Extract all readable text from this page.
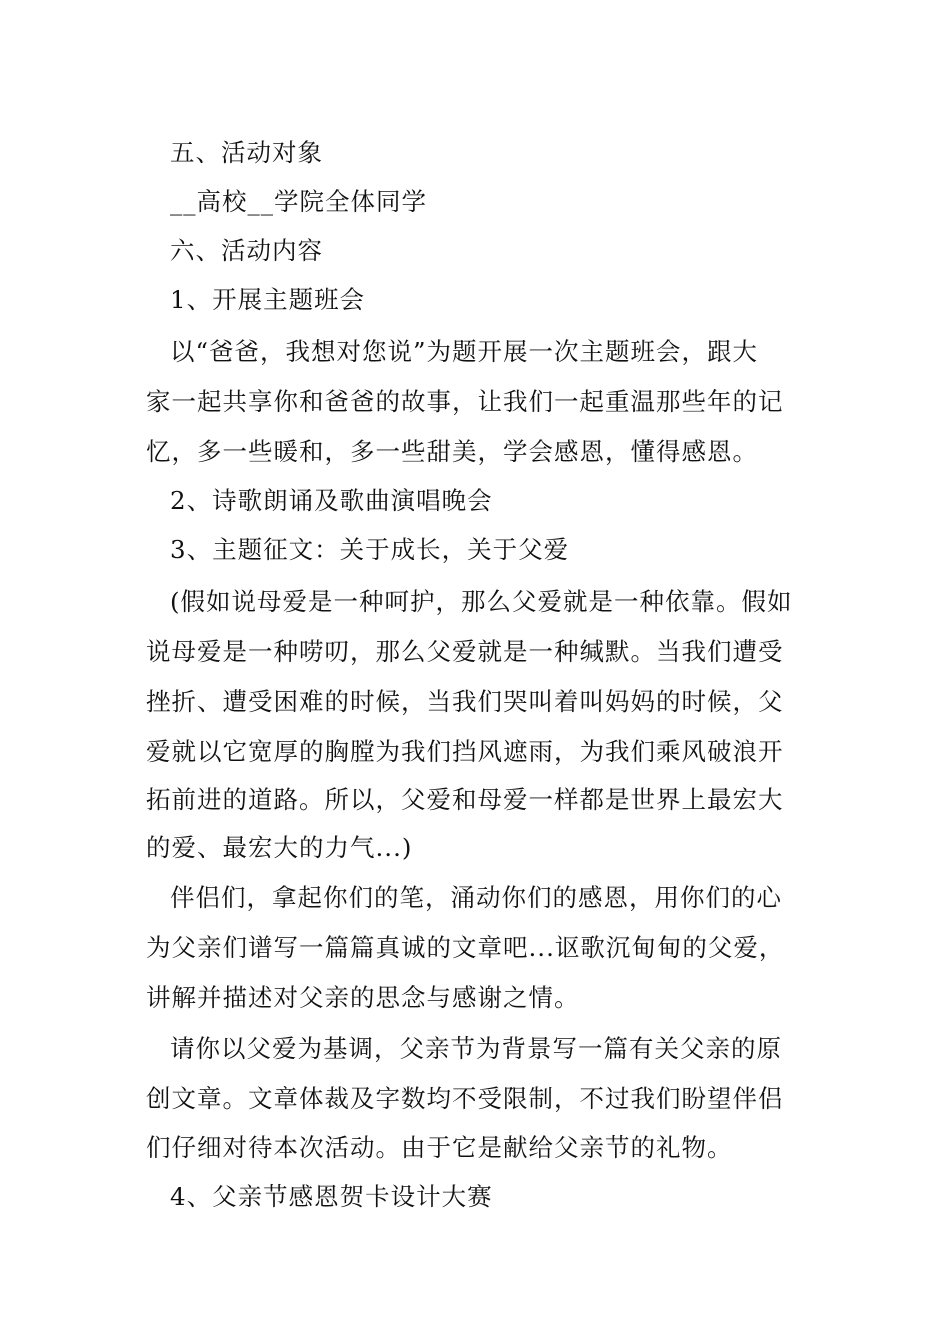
五、活动对象
__高校__学院全体同学
六、活动内容
1、开展主题班会
以“爸爸，我想对您说”为题开展一次主题班会，跟大
家一起共享你和爸爸的故事，让我们一起重温那些年的记
忆，多一些暖和，多一些甜美，学会感恩，懂得感恩。
2、诗歌朗诵及歌曲演唱晚会
3、主题征文：关于成长，关于父爱
(假如说母爱是一种呵护，那么父爱就是一种依靠。假如
说母爱是一种唠叨，那么父爱就是一种缄默。当我们遭受
挫折、遭受困难的时候，当我们哭叫着叫妈妈的时候，父
爱就以它宽厚的胸膛为我们挡风遮雨，为我们乘风破浪开
拓前进的道路。所以，父爱和母爱一样都是世界上最宏大
的爱、最宏大的力气...)
伴侣们，拿起你们的笔，涌动你们的感恩，用你们的心
为父亲们谱写一篇篇真诚的文章吧...讴歌沉甸甸的父爱，
讲解并描述对父亲的思念与感谢之情。
请你以父爱为基调，父亲节为背景写一篇有关父亲的原
创文章。文章体裁及字数均不受限制，不过我们盼望伴侣
们仔细对待本次活动。由于它是献给父亲节的礼物。
4、父亲节感恩贺卡设计大赛
